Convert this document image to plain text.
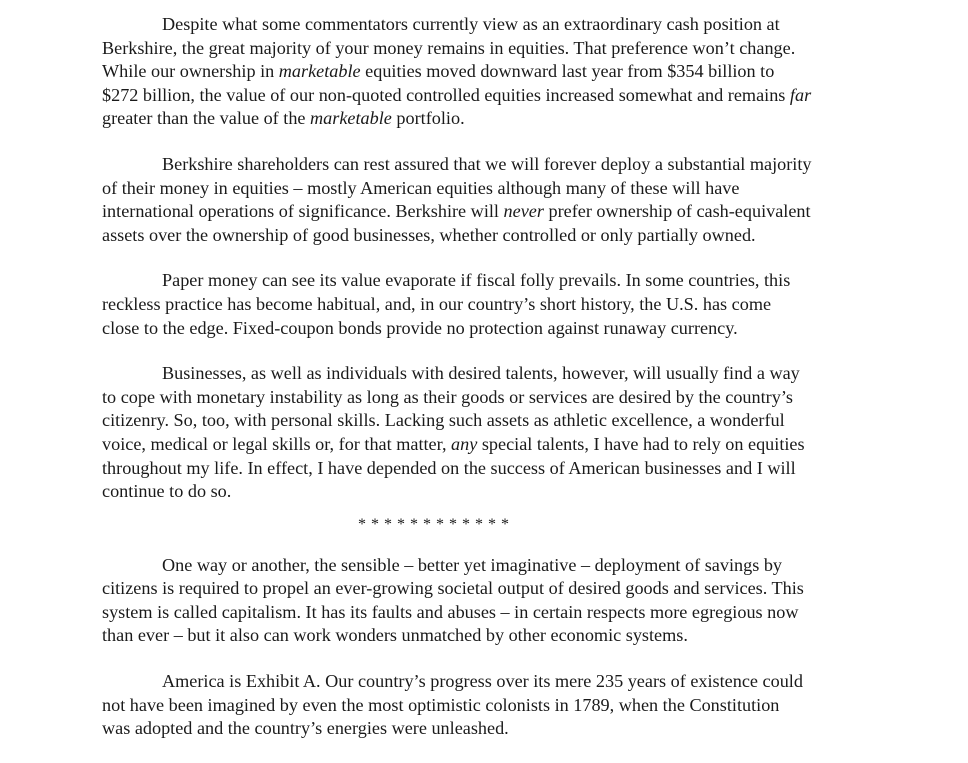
Despite what some commentators currently view as an extraordinary cash position at
Berkshire, the great majority of your money remains in equities. That preference won’t change.
While our ownership in marketable equities moved downward last year from $354 billion to
$272 billion, the value of our non-quoted controlled equities increased somewhat and remains far
greater than the value of the marketable portfolio.

Berkshire shareholders can rest assured that we will forever deploy a substantial majority
of their money in equities – mostly American equities although many of these will have
international operations of significance. Berkshire will never prefer ownership of cash-equivalent
assets over the ownership of good businesses, whether controlled or only partially owned.

Paper money can see its value evaporate if fiscal folly prevails. In some countries, this
reckless practice has become habitual, and, in our country’s short history, the U.S. has come
close to the edge. Fixed-coupon bonds provide no protection against runaway currency.

Businesses, as well as individuals with desired talents, however, will usually find a way
to cope with monetary instability as long as their goods or services are desired by the country’s
citizenry. So, too, with personal skills. Lacking such assets as athletic excellence, a wonderful
voice, medical or legal skills or, for that matter, any special talents, I have had to rely on equities
throughout my life. In effect, I have depended on the success of American businesses and I will
continue to do so.

************

One way or another, the sensible – better yet imaginative – deployment of savings by
citizens is required to propel an ever-growing societal output of desired goods and services. This
system is called capitalism. It has its faults and abuses – in certain respects more egregious now
than ever – but it also can work wonders unmatched by other economic systems.

America is Exhibit A. Our country’s progress over its mere 235 years of existence could
not have been imagined by even the most optimistic colonists in 1789, when the Constitution
was adopted and the country’s energies were unleashed.
